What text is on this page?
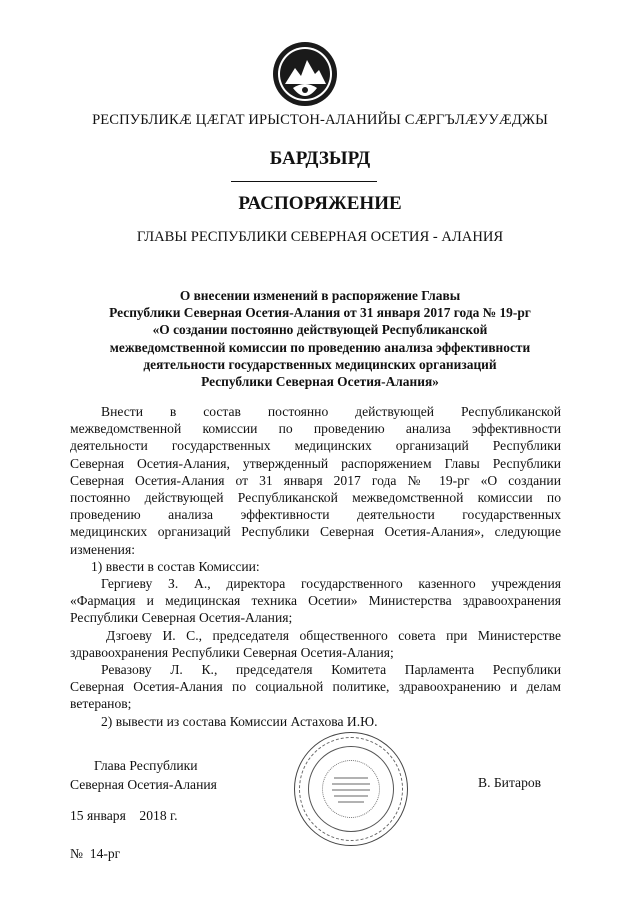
РЕСПУБЛИКӔ ЦӔГАТ ИРЫСТОН-АЛАНИЙЫ СӔРГЪЛӔУУӔДЖЫ
БАРДЗЫРД
РАСПОРЯЖЕНИЕ
ГЛАВЫ РЕСПУБЛИКИ СЕВЕРНАЯ ОСЕТИЯ - АЛАНИЯ
О внесении изменений в распоряжение Главы
Республики Северная Осетия-Алания от 31 января 2017 года № 19-рг
«О создании постоянно действующей Республиканской
межведомственной комиссии по проведению анализа эффективности
деятельности государственных медицинских организаций
Республики Северная Осетия-Алания»
Внести в состав постоянно действующей Республиканской
межведомственной комиссии по проведению анализа эффективности
деятельности государственных медицинских организаций Республики
Северная Осетия-Алания, утвержденный распоряжением Главы Республики
Северная Осетия-Алания от 31 января 2017 года № 19-рг «О создании
постоянно действующей Республиканской межведомственной комиссии по
проведению анализа эффективности деятельности государственных
медицинских организаций Республики Северная Осетия-Алания», следующие
изменения:
1) ввести в состав Комиссии:
Гергиеву З. А., директора государственного казенного учреждения
«Фармация и медицинская техника Осетии» Министерства здравоохранения
Республики Северная Осетия-Алания;
Дзгоеву И. С., председателя общественного совета при Министерстве
здравоохранения Республики Северная Осетия-Алания;
Ревазову Л. К., председателя Комитета Парламента Республики
Северная Осетия-Алания по социальной политике, здравоохранению и делам
ветеранов;
2) вывести из состава Комиссии Астахова И.Ю.
Глава Республики
Северная Осетия-Алания	В. Битаров
15 января    2018 г.
№  14-рг
